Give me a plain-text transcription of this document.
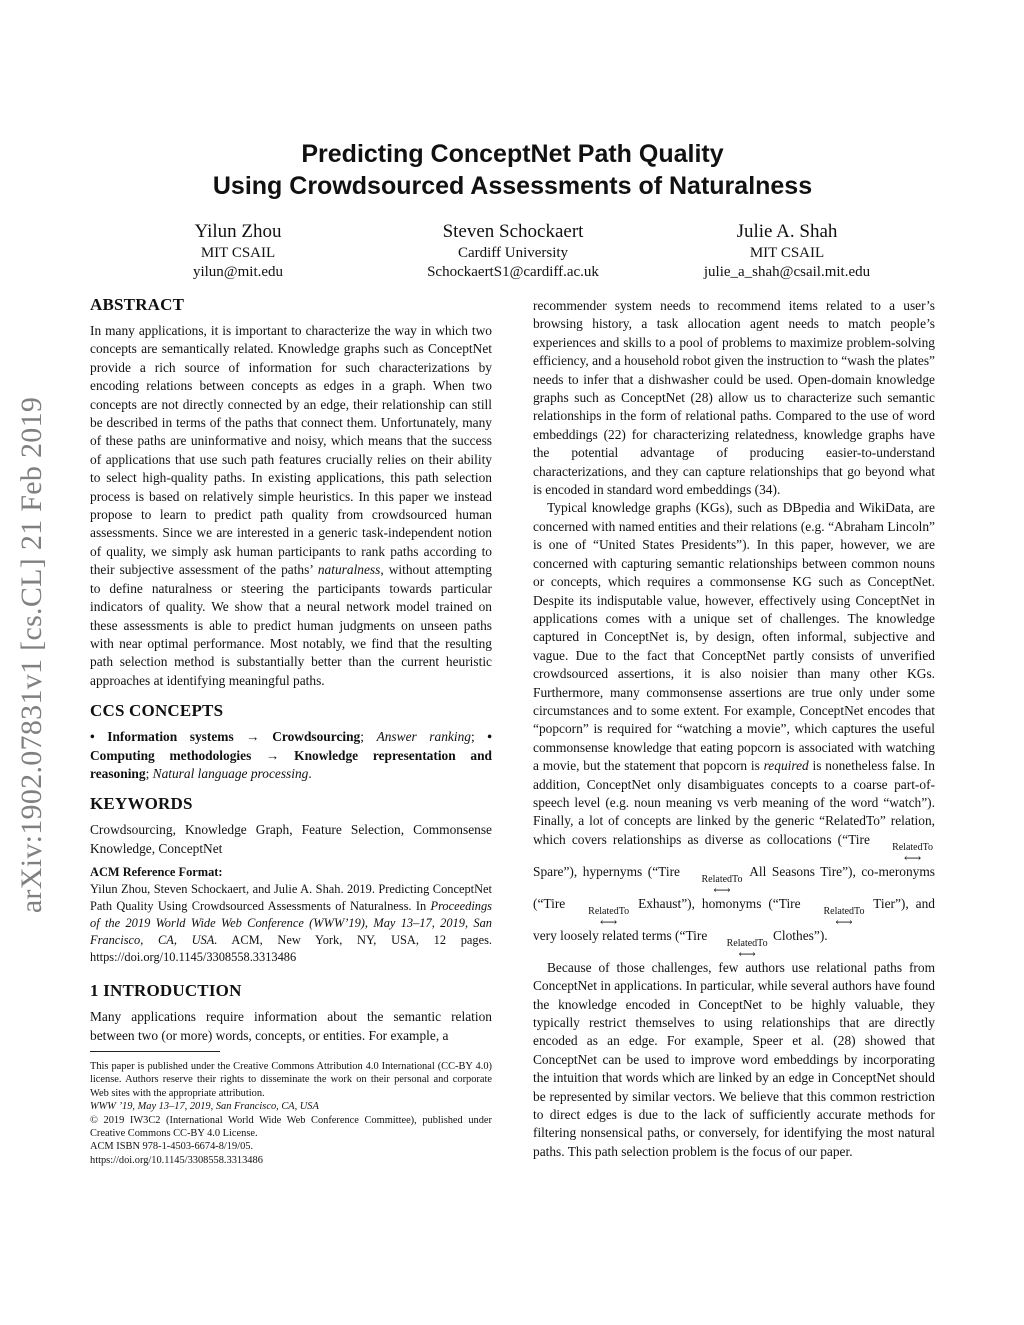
arXiv:1902.07831v1 [cs.CL] 21 Feb 2019
Predicting ConceptNet Path Quality
Using Crowdsourced Assessments of Naturalness
Yilun Zhou
MIT CSAIL
yilun@mit.edu
Steven Schockaert
Cardiff University
SchockaertS1@cardiff.ac.uk
Julie A. Shah
MIT CSAIL
julie_a_shah@csail.mit.edu
ABSTRACT

In many applications, it is important to characterize the way in which two concepts are semantically related. Knowledge graphs such as ConceptNet provide a rich source of information for such characterizations by encoding relations between concepts as edges in a graph. When two concepts are not directly connected by an edge, their relationship can still be described in terms of the paths that connect them. Unfortunately, many of these paths are uninformative and noisy, which means that the success of applications that use such path features crucially relies on their ability to select high-quality paths. In existing applications, this path selection process is based on relatively simple heuristics. In this paper we instead propose to learn to predict path quality from crowdsourced human assessments. Since we are interested in a generic task-independent notion of quality, we simply ask human participants to rank paths according to their subjective assessment of the paths’ naturalness, without attempting to define naturalness or steering the participants towards particular indicators of quality. We show that a neural network model trained on these assessments is able to predict human judgments on unseen paths with near optimal performance. Most notably, we find that the resulting path selection method is substantially better than the current heuristic approaches at identifying meaningful paths.

CCS CONCEPTS
• Information systems → Crowdsourcing; Answer ranking; • Computing methodologies → Knowledge representation and reasoning; Natural language processing.
KEYWORDS

Crowdsourcing, Knowledge Graph, Feature Selection, Commonsense Knowledge, ConceptNet

ACM Reference Format:
Yilun Zhou, Steven Schockaert, and Julie A. Shah. 2019. Predicting ConceptNet Path Quality Using Crowdsourced Assessments of Naturalness. In Proceedings of the 2019 World Wide Web Conference (WWW’19), May 13–17, 2019, San Francisco, CA, USA. ACM, New York, NY, USA, 12 pages. https://doi.org/10.1145/3308558.3313486
1 INTRODUCTION

Many applications require information about the semantic relation between two (or more) words, concepts, or entities. For example, a

This paper is published under the Creative Commons Attribution 4.0 International (CC-BY 4.0) license. Authors reserve their rights to disseminate the work on their personal and corporate Web sites with the appropriate attribution.
WWW ’19, May 13–17, 2019, San Francisco, CA, USA
© 2019 IW3C2 (International World Wide Web Conference Committee), published under Creative Commons CC-BY 4.0 License.
ACM ISBN 978-1-4503-6674-8/19/05.
https://doi.org/10.1145/3308558.3313486

recommender system needs to recommend items related to a user’s browsing history, a task allocation agent needs to match people’s experiences and skills to a pool of problems to maximize problem-solving efficiency, and a household robot given the instruction to “wash the plates” needs to infer that a dishwasher could be used. Open-domain knowledge graphs such as ConceptNet (28) allow us to characterize such semantic relationships in the form of relational paths. Compared to the use of word embeddings (22) for characterizing relatedness, knowledge graphs have the potential advantage of producing easier-to-understand characterizations, and they can capture relationships that go beyond what is encoded in standard word embeddings (34).

Typical knowledge graphs (KGs), such as DBpedia and WikiData, are concerned with named entities and their relations (e.g. “Abraham Lincoln” is one of “United States Presidents”). In this paper, however, we are concerned with capturing semantic relationships between common nouns or concepts, which requires a commonsense KG such as ConceptNet. Despite its indisputable value, however, effectively using ConceptNet in applications comes with a unique set of challenges. The knowledge captured in ConceptNet is, by design, often informal, subjective and vague. Due to the fact that ConceptNet partly consists of unverified crowdsourced assertions, it is also noisier than many other KGs. Furthermore, many commonsense assertions are true only under some circumstances and to some extent. For example, ConceptNet encodes that “popcorn” is required for “watching a movie”, which captures the useful commonsense knowledge that eating popcorn is associated with watching a movie, but the statement that popcorn is required is nonetheless false. In addition, ConceptNet only disambiguates concepts to a coarse part-of-speech level (e.g. noun meaning vs verb meaning of the word “watch”). Finally, a lot of concepts are linked by the generic “RelatedTo” relation, which covers relationships as diverse as collocations (“Tire
RelatedTo
⟷
Spare”), hypernyms (“Tire
RelatedTo
⟷
All Seasons Tire”), co-meronyms (“Tire
RelatedTo
⟷
Exhaust”), homonyms (“Tire
RelatedTo
⟷
Tier”), and very loosely related terms (“Tire
RelatedTo
⟷
Clothes”).

Because of those challenges, few authors use relational paths from ConceptNet in applications. In particular, while several authors have found the knowledge encoded in ConceptNet to be highly valuable, they typically restrict themselves to using relationships that are directly encoded as an edge. For example, Speer et al. (28) showed that ConceptNet can be used to improve word embeddings by incorporating the intuition that words which are linked by an edge in ConceptNet should be represented by similar vectors. We believe that this common restriction to direct edges is due to the lack of sufficiently accurate methods for filtering nonsensical paths, or conversely, for identifying the most natural paths. This path selection problem is the focus of our paper.
